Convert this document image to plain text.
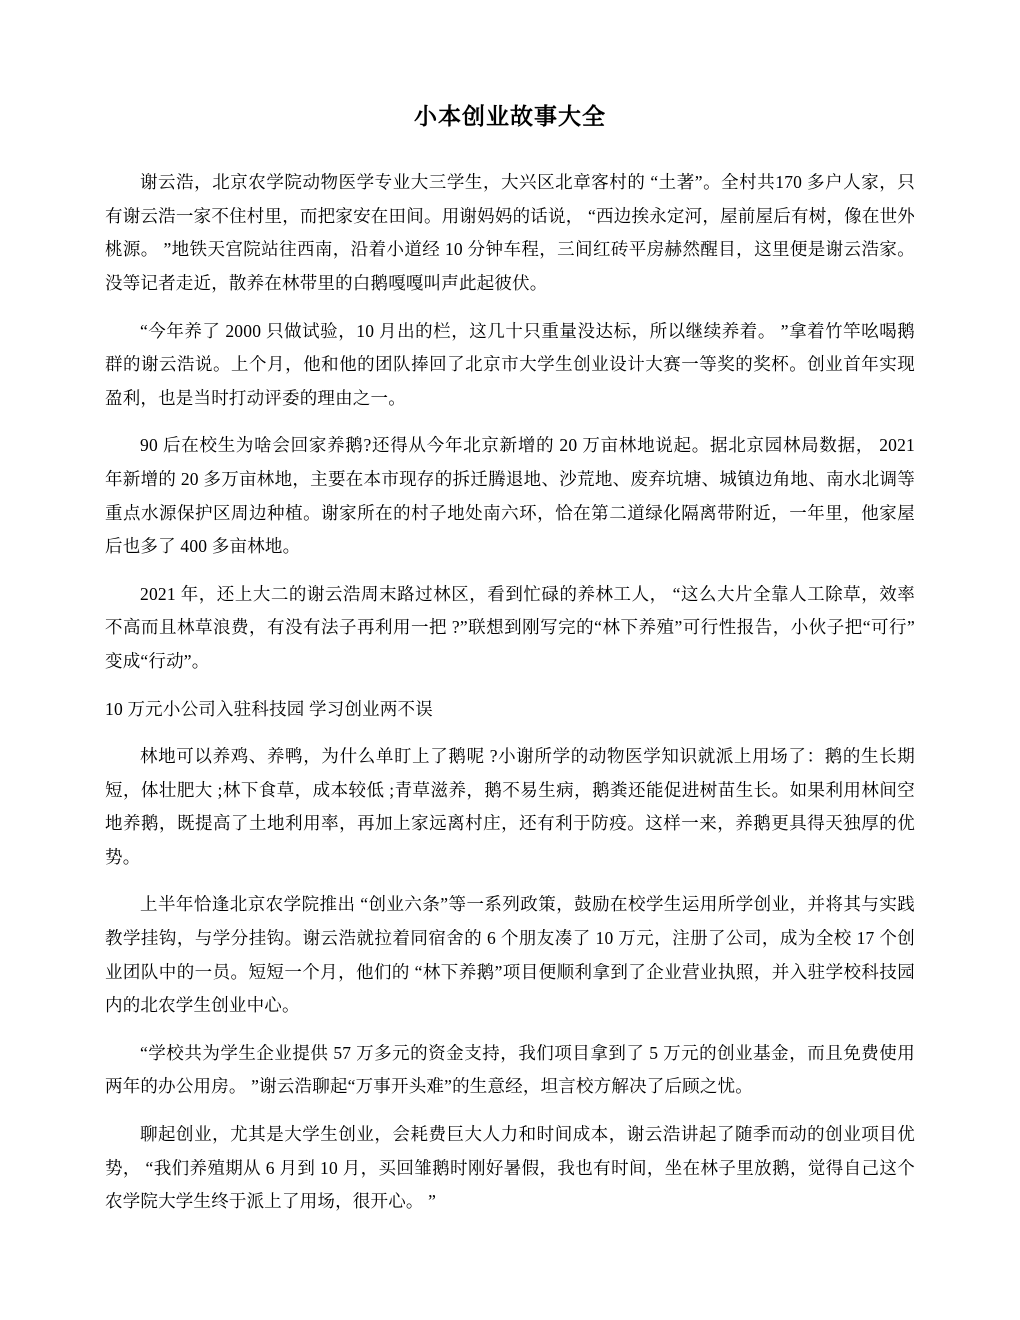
小本创业故事大全

谢云浩，北京农学院动物医学专业大三学生，大兴区北章客村的 “土著”。全村共170 多户人家，只有谢云浩一家不住村里，而把家安在田间。用谢妈妈的话说， “西边挨永定河，屋前屋后有树，像在世外桃源。 ”地铁天宫院站往西南，沿着小道经 10 分钟车程，三间红砖平房赫然醒目，这里便是谢云浩家。没等记者走近，散养在林带里的白鹅嘎嘎叫声此起彼伏。

“今年养了 2000 只做试验，10 月出的栏，这几十只重量没达标，所以继续养着。 ”拿着竹竿吆喝鹅群的谢云浩说。上个月，他和他的团队捧回了北京市大学生创业设计大赛一等奖的奖杯。创业首年实现盈利，也是当时打动评委的理由之一。

90 后在校生为啥会回家养鹅?还得从今年北京新增的 20 万亩林地说起。据北京园林局数据， 2021 年新增的 20 多万亩林地，主要在本市现存的拆迁腾退地、沙荒地、废弃坑塘、城镇边角地、南水北调等重点水源保护区周边种植。谢家所在的村子地处南六环，恰在第二道绿化隔离带附近，一年里，他家屋后也多了 400 多亩林地。

2021 年，还上大二的谢云浩周末路过林区，看到忙碌的养林工人， “这么大片全靠人工除草，效率不高而且林草浪费，有没有法子再利用一把 ?”联想到刚写完的“林下养殖”可行性报告，小伙子把“可行”变成“行动”。

10 万元小公司入驻科技园 学习创业两不误

林地可以养鸡、养鸭，为什么单盯上了鹅呢 ?小谢所学的动物医学知识就派上用场了：鹅的生长期短，体壮肥大 ;林下食草，成本较低 ;青草滋养，鹅不易生病，鹅粪还能促进树苗生长。如果利用林间空地养鹅，既提高了土地利用率，再加上家远离村庄，还有利于防疫。这样一来，养鹅更具得天独厚的优势。

上半年恰逢北京农学院推出 “创业六条”等一系列政策，鼓励在校学生运用所学创业，并将其与实践教学挂钩，与学分挂钩。谢云浩就拉着同宿舍的 6 个朋友凑了 10 万元，注册了公司，成为全校 17 个创业团队中的一员。短短一个月，他们的 “林下养鹅”项目便顺利拿到了企业营业执照，并入驻学校科技园内的北农学生创业中心。

“学校共为学生企业提供 57 万多元的资金支持，我们项目拿到了 5 万元的创业基金，而且免费使用两年的办公用房。 ”谢云浩聊起“万事开头难”的生意经，坦言校方解决了后顾之忧。

聊起创业，尤其是大学生创业，会耗费巨大人力和时间成本，谢云浩讲起了随季而动的创业项目优势， “我们养殖期从 6 月到 10 月，买回雏鹅时刚好暑假，我也有时间，坐在林子里放鹅，觉得自己这个农学院大学生终于派上了用场，很开心。 ”
